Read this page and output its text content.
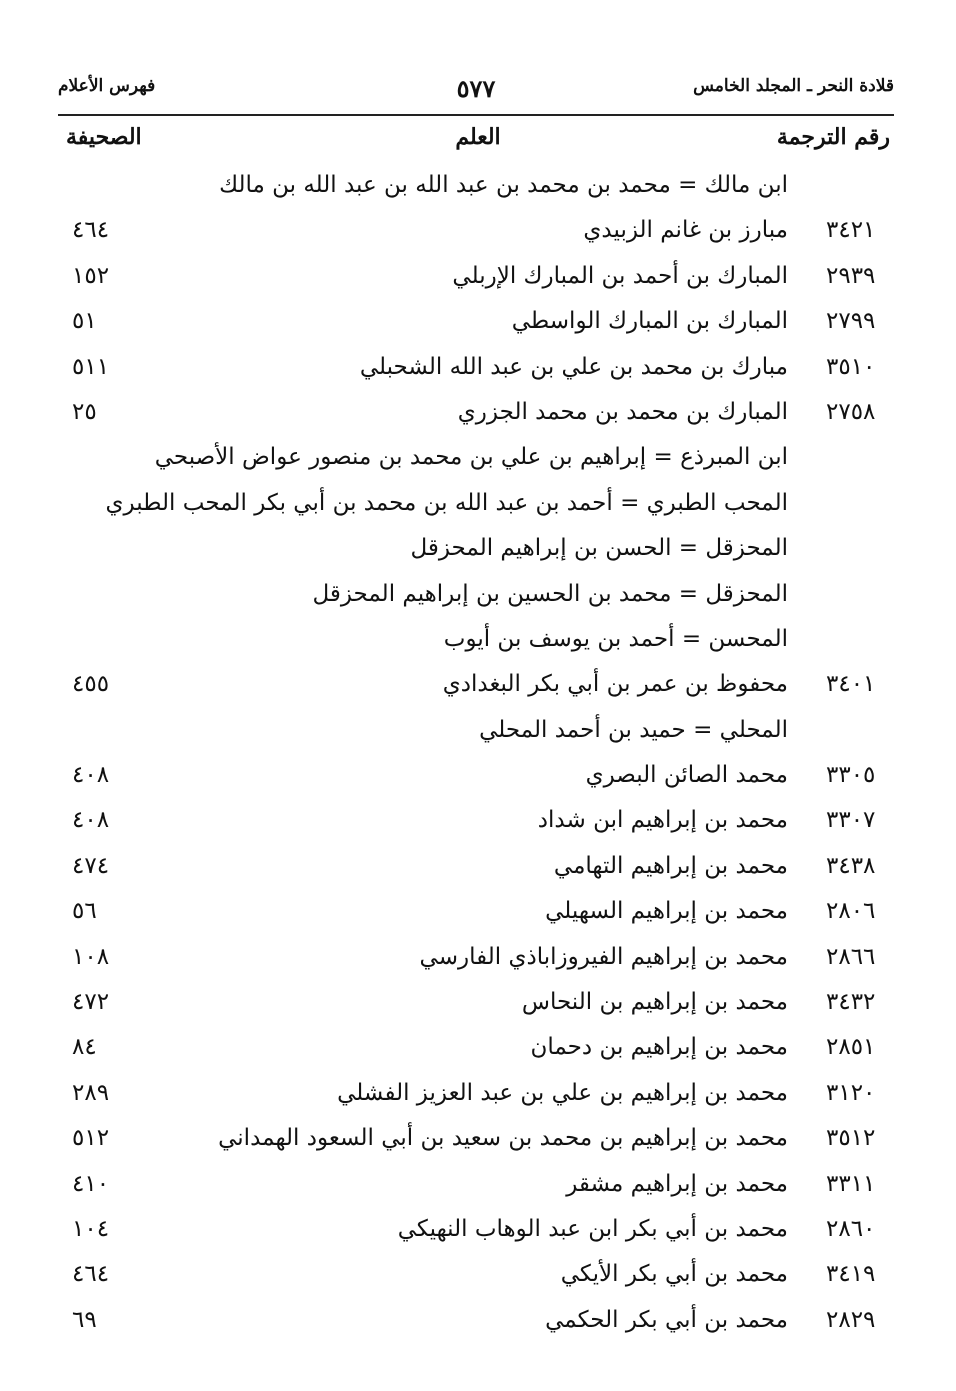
قلادة النحر ـ المجلد الخامس
٥٧٧
فهرس الأعلام
رقم الترجمة
العلم
الصحيفة
ابن مالك = محمد بن محمد بن عبد الله بن عبد الله بن مالك
٣٤٢١
مبارز بن غانم الزبيدي
٤٦٤
٢٩٣٩
المبارك بن أحمد بن المبارك الإربلي
١٥٢
٢٧٩٩
المبارك بن المبارك الواسطي
٥١
٣٥١٠
مبارك بن محمد بن علي بن عبد الله الشحبلي
٥١١
٢٧٥٨
المبارك بن محمد بن محمد الجزري
٢٥
ابن المبرذع = إبراهيم بن علي بن محمد بن منصور عواض الأصبحي
المحب الطبري = أحمد بن عبد الله بن محمد بن أبي بكر المحب الطبري
المحزقل = الحسن بن إبراهيم المحزقل
المحزقل = محمد بن الحسين بن إبراهيم المحزقل
المحسن = أحمد بن يوسف بن أيوب
٣٤٠١
محفوظ بن عمر بن أبي بكر البغدادي
٤٥٥
المحلي = حميد بن أحمد المحلي
٣٣٠٥
محمد الصائن البصري
٤٠٨
٣٣٠٧
محمد بن إبراهيم ابن شداد
٤٠٨
٣٤٣٨
محمد بن إبراهيم التهامي
٤٧٤
٢٨٠٦
محمد بن إبراهيم السهيلي
٥٦
٢٨٦٦
محمد بن إبراهيم الفيروزاباذي الفارسي
١٠٨
٣٤٣٢
محمد بن إبراهيم بن النحاس
٤٧٢
٢٨٥١
محمد بن إبراهيم بن دحمان
٨٤
٣١٢٠
محمد بن إبراهيم بن علي بن عبد العزيز الفشلي
٢٨٩
٣٥١٢
محمد بن إبراهيم بن محمد بن سعيد بن أبي السعود الهمداني
٥١٢
٣٣١١
محمد بن إبراهيم مشقر
٤١٠
٢٨٦٠
محمد بن أبي بكر ابن عبد الوهاب النهيكي
١٠٤
٣٤١٩
محمد بن أبي بكر الأيكي
٤٦٤
٢٨٢٩
محمد بن أبي بكر الحكمي
٦٩
